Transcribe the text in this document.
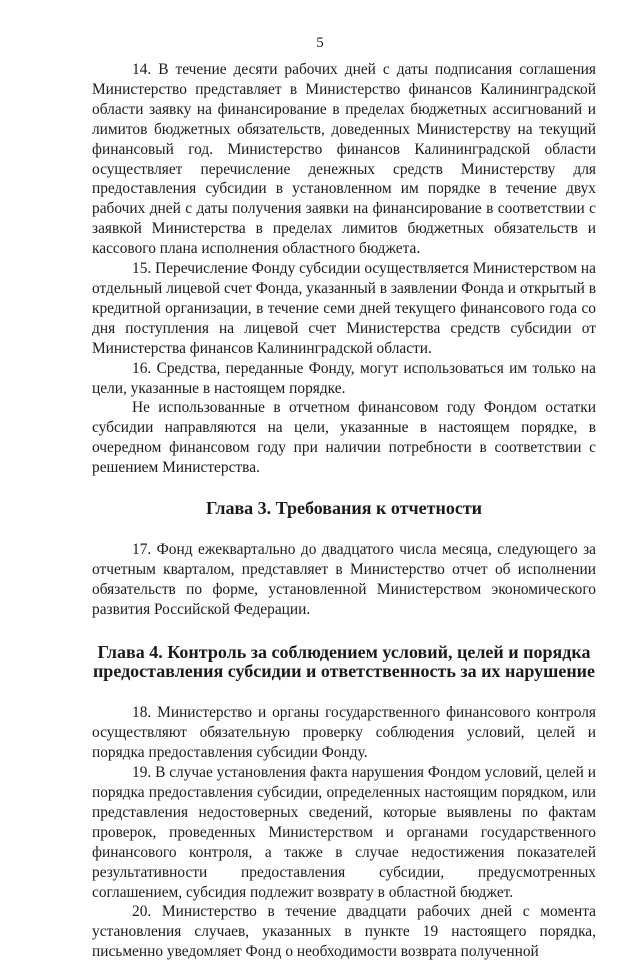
5

14. В течение десяти рабочих дней с даты подписания соглашения Министерство представляет в Министерство финансов Калининградской области заявку на финансирование в пределах бюджетных ассигнований и лимитов бюджетных обязательств, доведенных Министерству на текущий финансовый год. Министерство финансов Калининградской области осуществляет перечисление денежных средств Министерству для предоставления субсидии в установленном им порядке в течение двух рабочих дней с даты получения заявки на финансирование в соответствии с заявкой Министерства в пределах лимитов бюджетных обязательств и кассового плана исполнения областного бюджета.

15. Перечисление Фонду субсидии осуществляется Министерством на отдельный лицевой счет Фонда, указанный в заявлении Фонда и открытый в кредитной организации, в течение семи дней текущего финансового года со дня поступления на лицевой счет Министерства средств субсидии от Министерства финансов Калининградской области.

16. Средства, переданные Фонду, могут использоваться им только на цели, указанные в настоящем порядке.

Не использованные в отчетном финансовом году Фондом остатки субсидии направляются на цели, указанные в настоящем порядке, в очередном финансовом году при наличии потребности в соответствии с решением Министерства.

Глава 3. Требования к отчетности

17. Фонд ежеквартально до двадцатого числа месяца, следующего за отчетным кварталом, представляет в Министерство отчет об исполнении обязательств по форме, установленной Министерством экономического развития Российской Федерации.

Глава 4. Контроль за соблюдением условий, целей и порядка
предоставления субсидии и ответственность за их нарушение

18. Министерство и органы государственного финансового контроля осуществляют обязательную проверку соблюдения условий, целей и порядка предоставления субсидии Фонду.

19. В случае установления факта нарушения Фондом условий, целей и порядка предоставления субсидии, определенных настоящим порядком, или представления недостоверных сведений, которые выявлены по фактам проверок, проведенных Министерством и органами государственного финансового контроля, а также в случае недостижения показателей результативности предоставления субсидии, предусмотренных соглашением, субсидия подлежит возврату в областной бюджет.

20. Министерство в течение двадцати рабочих дней с момента установления случаев, указанных в пункте 19 настоящего порядка, письменно уведомляет Фонд о необходимости возврата полученной
